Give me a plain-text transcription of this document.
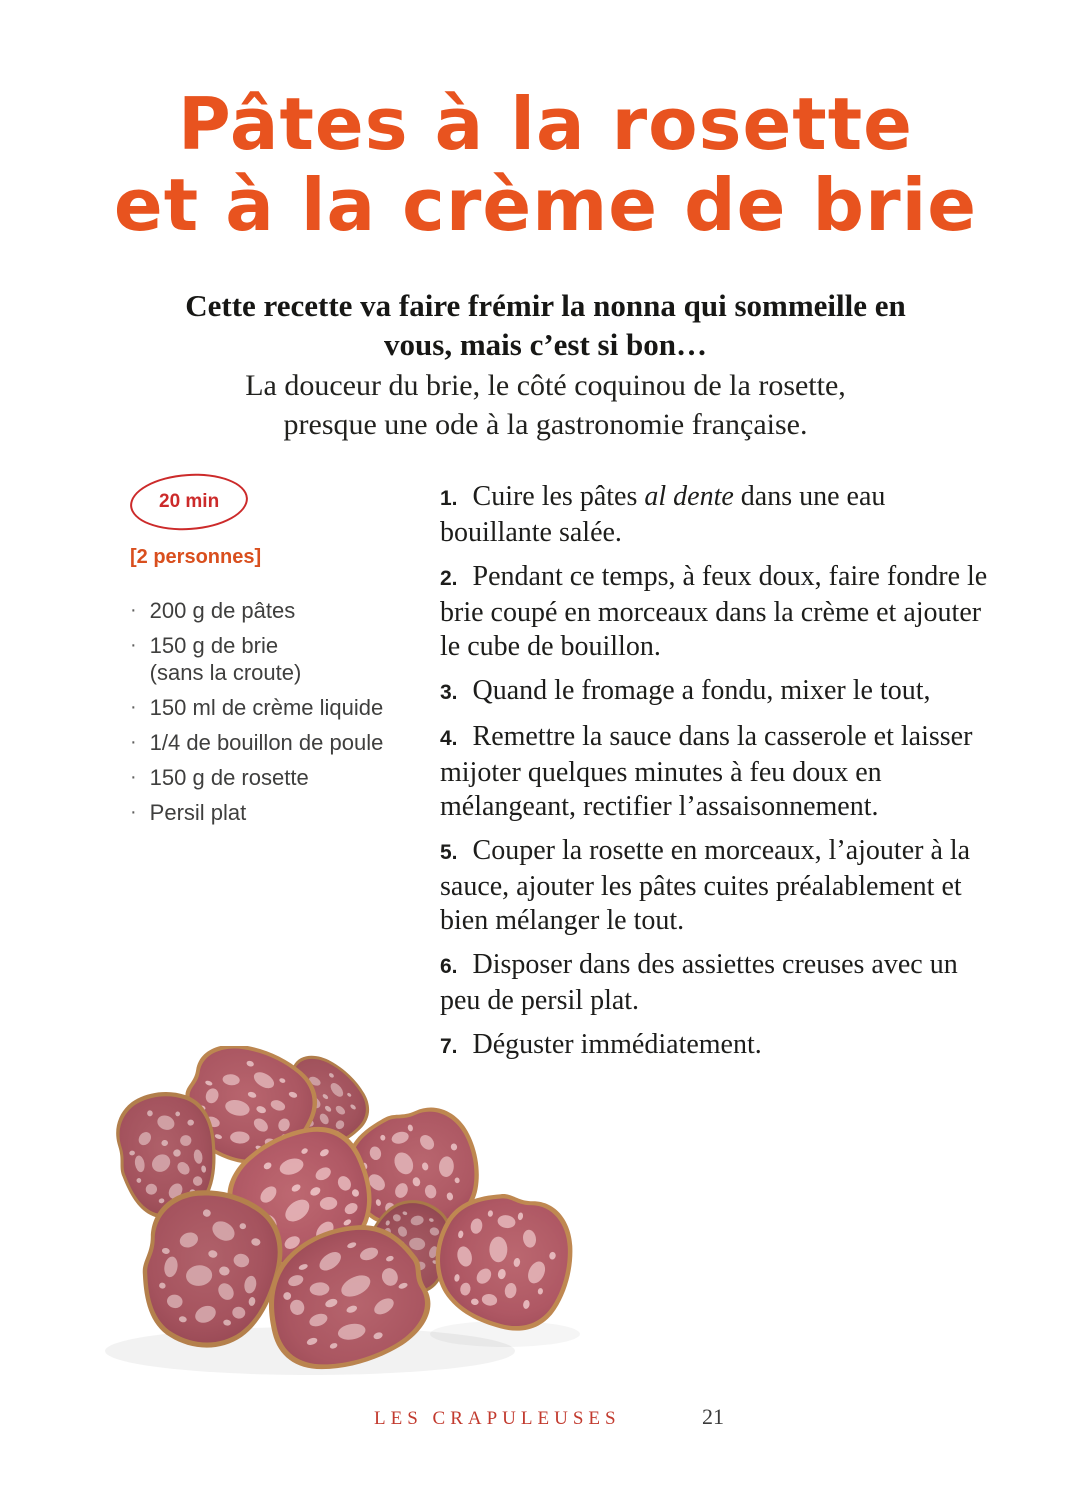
Pâtes à la rosette
et à la crème de brie
Cette recette va faire frémir la nonna qui sommeille en vous, mais c’est si bon…
La douceur du brie, le côté coquinou de la rosette, presque une ode à la gastronomie française.
20 min
[2 personnes]
· 200 g de pâtes
· 150 g de brie
(sans la croute)
· 150 ml de crème liquide
· 1/4 de bouillon de poule
· 150 g de rosette
· Persil plat
1. Cuire les pâtes al dente dans une eau bouillante salée.
2. Pendant ce temps, à feux doux, faire fondre le brie coupé en morceaux dans la crème et ajouter le cube de bouillon.
3. Quand le fromage a fondu, mixer le tout,
4. Remettre la sauce dans la casserole et laisser mijoter quelques minutes à feu doux en mélangeant, rectifier l’assaisonnement.
5. Couper la rosette en morceaux, l’ajouter à la sauce, ajouter les pâtes cuites préalablement et bien mélanger le tout.
6. Disposer dans des assiettes creuses avec un peu de persil plat.
7. Déguster immédiatement.
LES CRAPULEUSES	21
